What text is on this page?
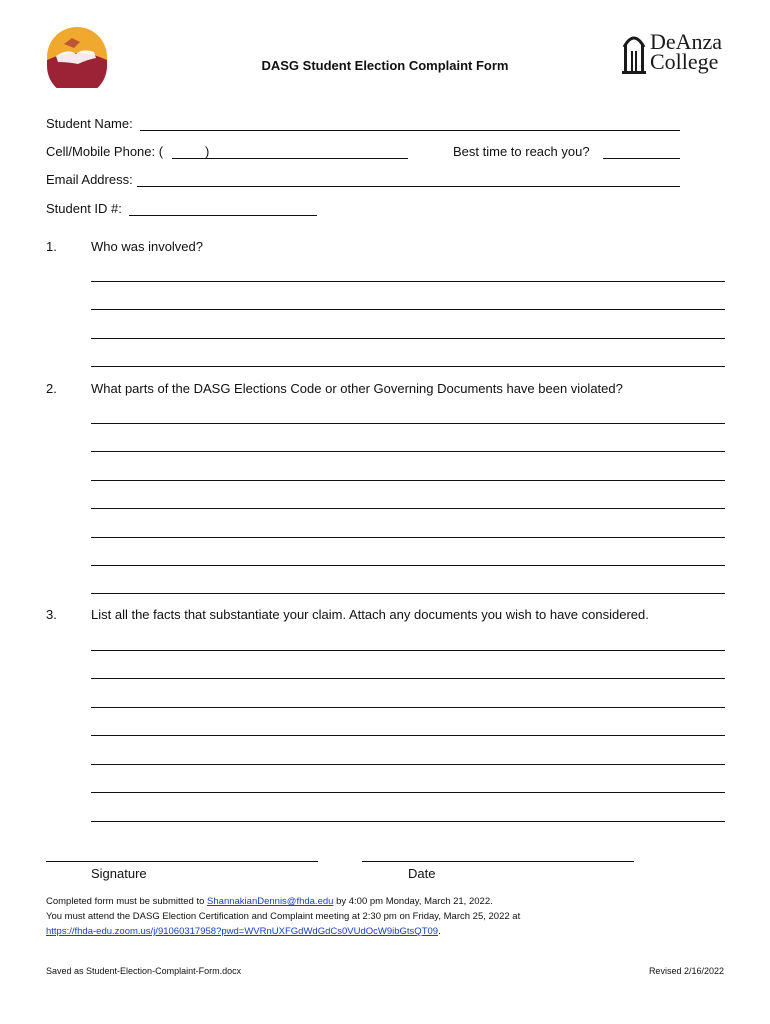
DASG Student Election Complaint Form
DeAnza
College
Student Name:
Cell/Mobile Phone: (	)	Best time to reach you?
Email Address:
Student ID #:
1.	Who was involved?
2.	What parts of the DASG Elections Code or other Governing Documents have been violated?
3.	List all the facts that substantiate your claim. Attach any documents you wish to have considered.
Signature	Date
Completed form must be submitted to ShannakianDennis@fhda.edu by 4:00 pm Monday, March 21, 2022.
You must attend the DASG Election Certification and Complaint meeting at 2:30 pm on Friday, March 25, 2022 at
https://fhda-edu.zoom.us/j/91060317958?pwd=WVRnUXFGdWdGdCs0VUdOcW9ibGtsQT09.
Saved as Student-Election-Complaint-Form.docx	Revised 2/16/2022
